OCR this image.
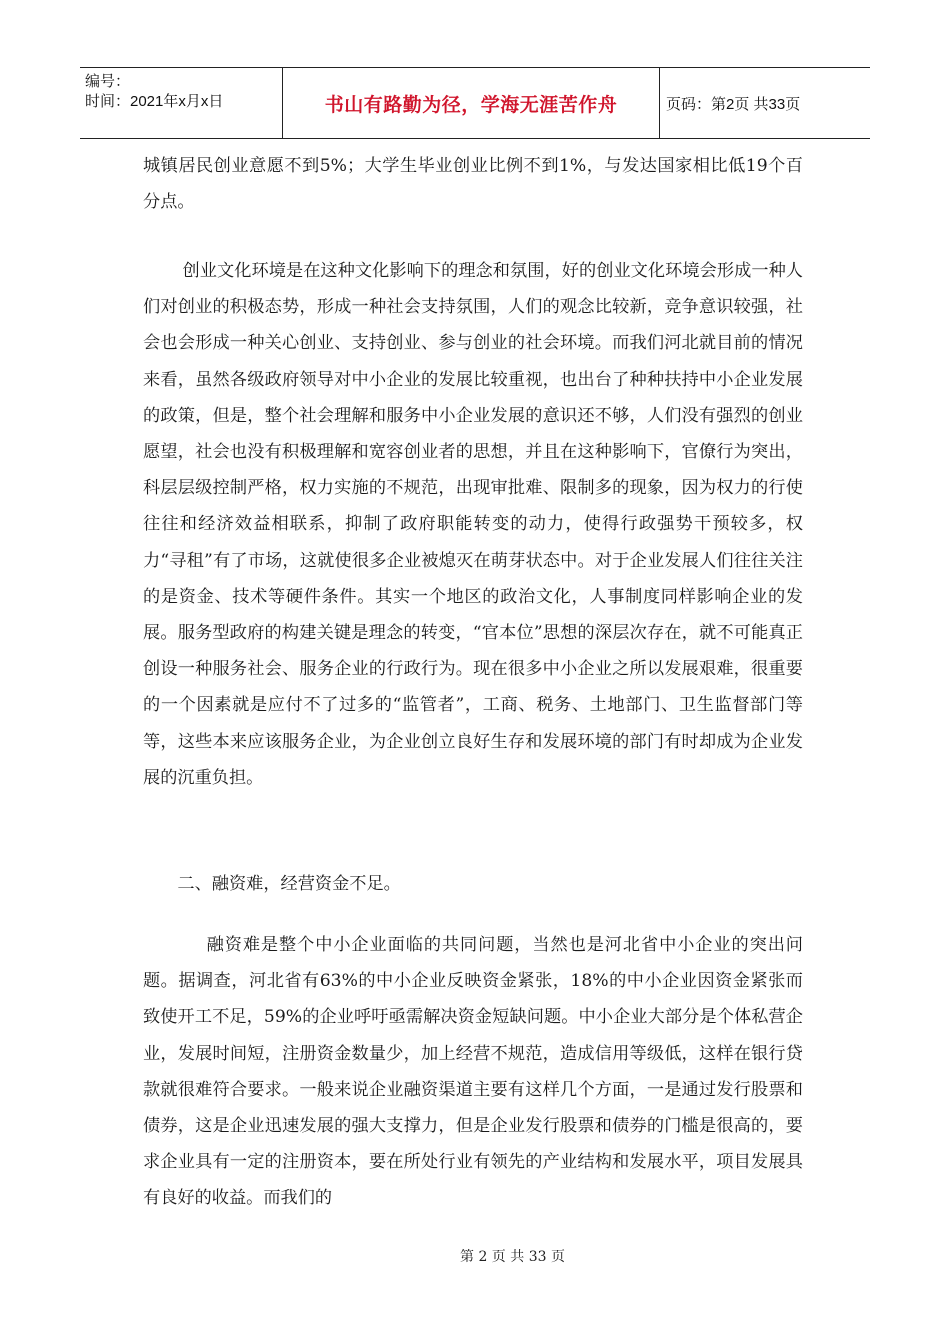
编号：
时间：2021年x月x日	书山有路勤为径，学海无涯苦作舟	页码：第2页 共33页

城镇居民创业意愿不到5%；大学生毕业创业比例不到1%，与发达国家相比低19个百分点。

创业文化环境是在这种文化影响下的理念和氛围，好的创业文化环境会形成一种人们对创业的积极态势，形成一种社会支持氛围，人们的观念比较新，竞争意识较强，社会也会形成一种关心创业、支持创业、参与创业的社会环境。而我们河北就目前的情况来看，虽然各级政府领导对中小企业的发展比较重视，也出台了种种扶持中小企业发展的政策，但是，整个社会理解和服务中小企业发展的意识还不够，人们没有强烈的创业愿望，社会也没有积极理解和宽容创业者的思想，并且在这种影响下，官僚行为突出，科层层级控制严格，权力实施的不规范，出现审批难、限制多的现象，因为权力的行使往往和经济效益相联系，抑制了政府职能转变的动力，使得行政强势干预较多，权力“寻租”有了市场，这就使很多企业被熄灭在萌芽状态中。对于企业发展人们往往关注的是资金、技术等硬件条件。其实一个地区的政治文化，人事制度同样影响企业的发展。服务型政府的构建关键是理念的转变，“官本位”思想的深层次存在，就不可能真正创设一种服务社会、服务企业的行政行为。现在很多中小企业之所以发展艰难，很重要的一个因素就是应付不了过多的“监管者”，工商、税务、土地部门、卫生监督部门等等，这些本来应该服务企业，为企业创立良好生存和发展环境的部门有时却成为企业发展的沉重负担。

二、融资难，经营资金不足。

融资难是整个中小企业面临的共同问题，当然也是河北省中小企业的突出问题。据调查，河北省有63%的中小企业反映资金紧张，18%的中小企业因资金紧张而致使开工不足，59%的企业呼吁亟需解决资金短缺问题。中小企业大部分是个体私营企业，发展时间短，注册资金数量少，加上经营不规范，造成信用等级低，这样在银行贷款就很难符合要求。一般来说企业融资渠道主要有这样几个方面，一是通过发行股票和债券，这是企业迅速发展的强大支撑力，但是企业发行股票和债券的门槛是很高的，要求企业具有一定的注册资本，要在所处行业有领先的产业结构和发展水平，项目发展具有良好的收益。而我们的

第 2 页 共 33 页
